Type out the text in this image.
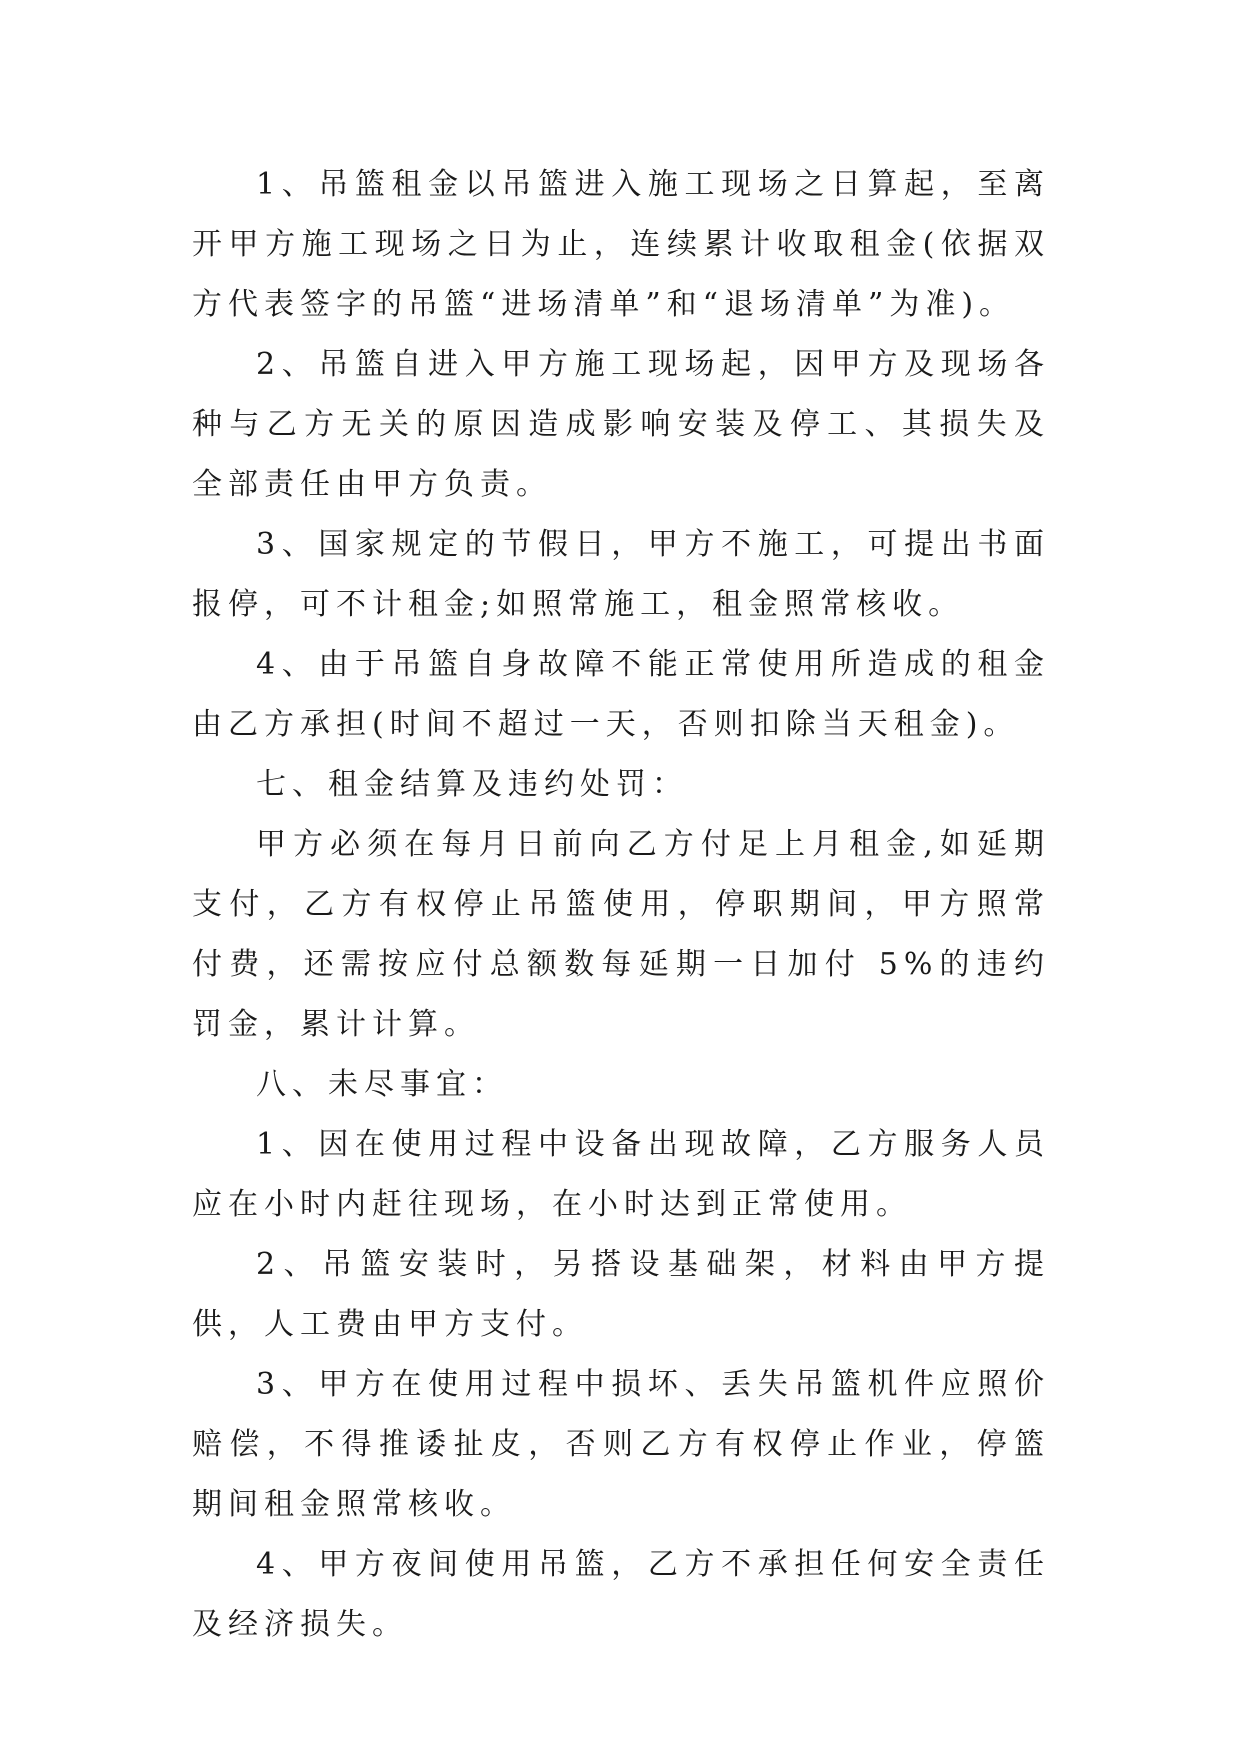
1、吊篮租金以吊篮进入施工现场之日算起，至离开甲方施工现场之日为止，连续累计收取租金(依据双方代表签字的吊篮“进场清单”和“退场清单”为准)。

2、吊篮自进入甲方施工现场起，因甲方及现场各种与乙方无关的原因造成影响安装及停工、其损失及全部责任由甲方负责。

3、国家规定的节假日，甲方不施工，可提出书面报停，可不计租金;如照常施工，租金照常核收。

4、由于吊篮自身故障不能正常使用所造成的租金由乙方承担(时间不超过一天，否则扣除当天租金)。

七、租金结算及违约处罚：

甲方必须在每月日前向乙方付足上月租金,如延期支付，乙方有权停止吊篮使用，停职期间，甲方照常付费，还需按应付总额数每延期一日加付 5%的违约罚金，累计计算。

八、未尽事宜：

1、因在使用过程中设备出现故障，乙方服务人员应在小时内赶往现场，在小时达到正常使用。

2、吊篮安装时，另搭设基础架，材料由甲方提供，人工费由甲方支付。

3、甲方在使用过程中损坏、丢失吊篮机件应照价赔偿，不得推诿扯皮，否则乙方有权停止作业，停篮期间租金照常核收。

4、甲方夜间使用吊篮，乙方不承担任何安全责任及经济损失。
